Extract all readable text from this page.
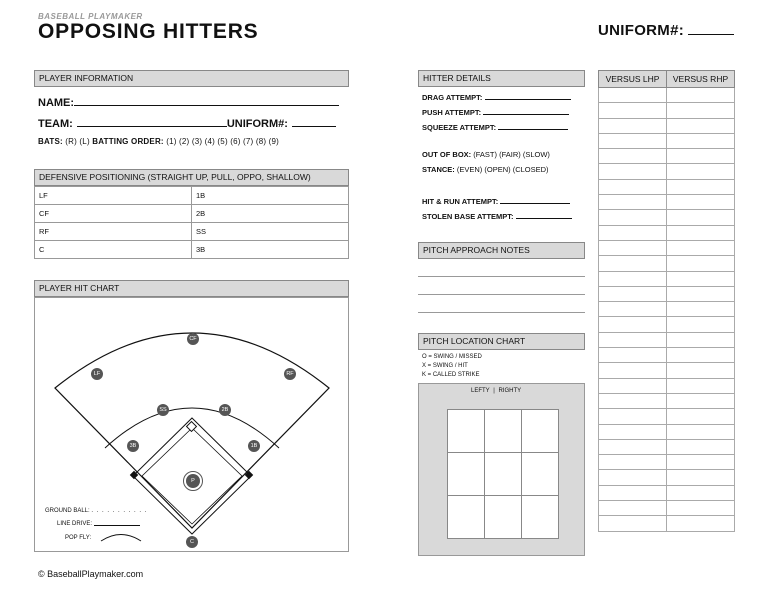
BASEBALL PLAYMAKER
OPPOSING HITTERS	UNIFORM#:
PLAYER INFORMATION
NAME:
TEAM:	UNIFORM#:
BATS: (R) (L) BATTING ORDER: (1) (2) (3) (4) (5) (6) (7) (8) (9)
DEFENSIVE POSITIONING (STRAIGHT UP, PULL, OPPO, SHALLOW)
LF	1B
CF	2B
RF	SS
C	3B
PLAYER HIT CHART
CF
LF	RF
SS	2B
3B	1B
P
C
GROUND BALL: . . . . . . . . . . .
LINE DRIVE:
POP FLY:
HITTER DETAILS
DRAG ATTEMPT:
PUSH ATTEMPT:
SQUEEZE ATTEMPT:
OUT OF BOX: (FAST) (FAIR) (SLOW)
STANCE: (EVEN) (OPEN) (CLOSED)
HIT & RUN ATTEMPT:
STOLEN BASE ATTEMPT:
PITCH APPROACH NOTES
PITCH LOCATION CHART
O = SWING / MISSED
X = SWING / HIT
K = CALLED STRIKE
LEFTY | RIGHTY

VERSUS LHP	VERSUS RHP

© BaseballPlaymaker.com
